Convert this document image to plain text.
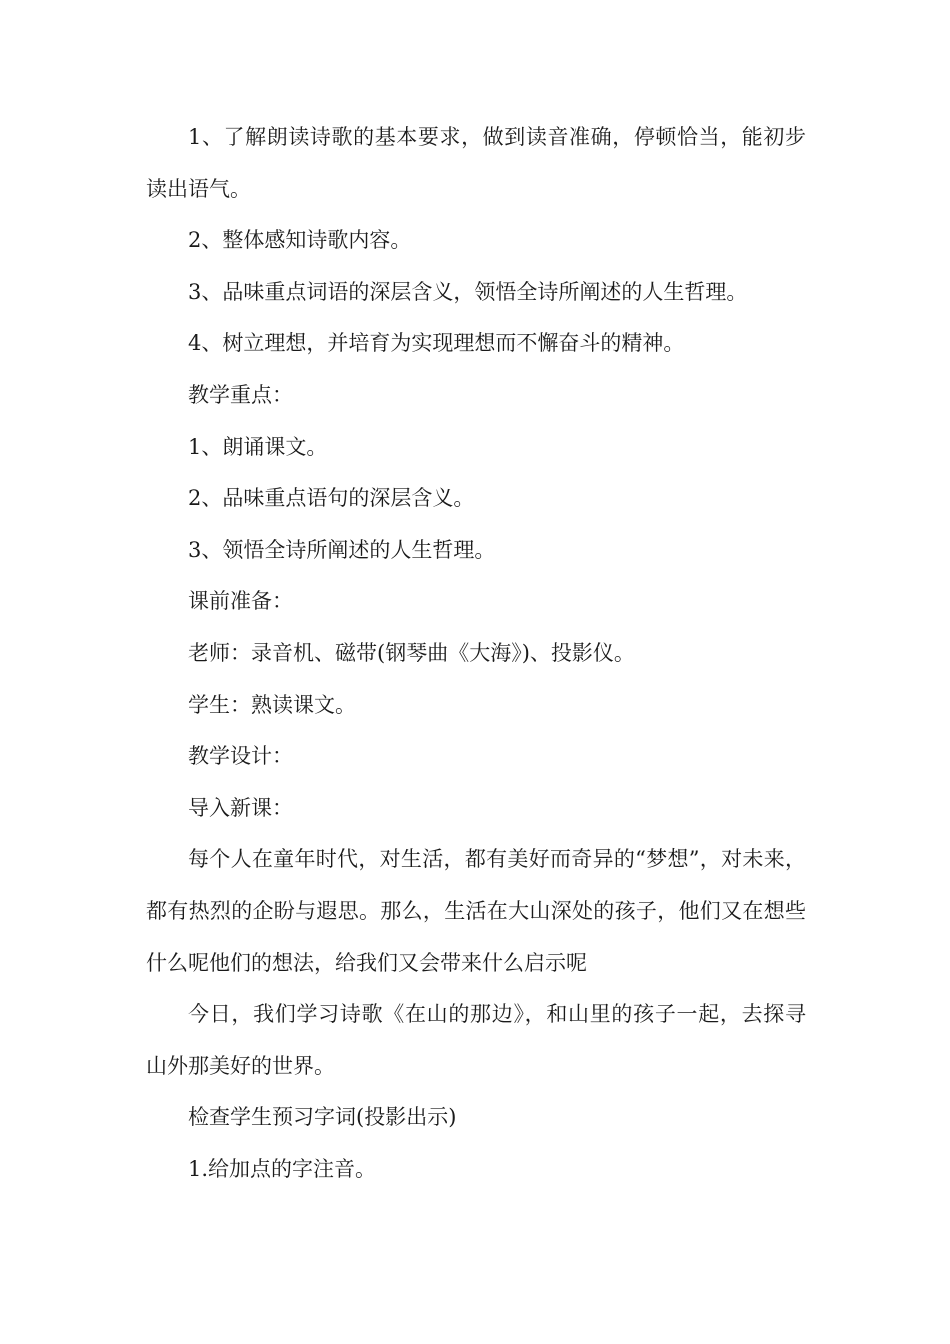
1、了解朗读诗歌的基本要求，做到读音准确，停顿恰当，能初步读出语气。

2、整体感知诗歌内容。

3、品味重点词语的深层含义，领悟全诗所阐述的人生哲理。

4、树立理想，并培育为实现理想而不懈奋斗的精神。

教学重点：

1、朗诵课文。

2、品味重点语句的深层含义。

3、领悟全诗所阐述的人生哲理。

课前准备：

老师：录音机、磁带(钢琴曲《大海》)、投影仪。

学生：熟读课文。

教学设计：

导入新课：

每个人在童年时代，对生活，都有美好而奇异的“梦想”，对未来，都有热烈的企盼与遐思。那么，生活在大山深处的孩子，他们又在想些什么呢他们的想法，给我们又会带来什么启示呢

今日，我们学习诗歌《在山的那边》，和山里的孩子一起，去探寻山外那美好的世界。

检查学生预习字词(投影出示)

1.给加点的字注音。
